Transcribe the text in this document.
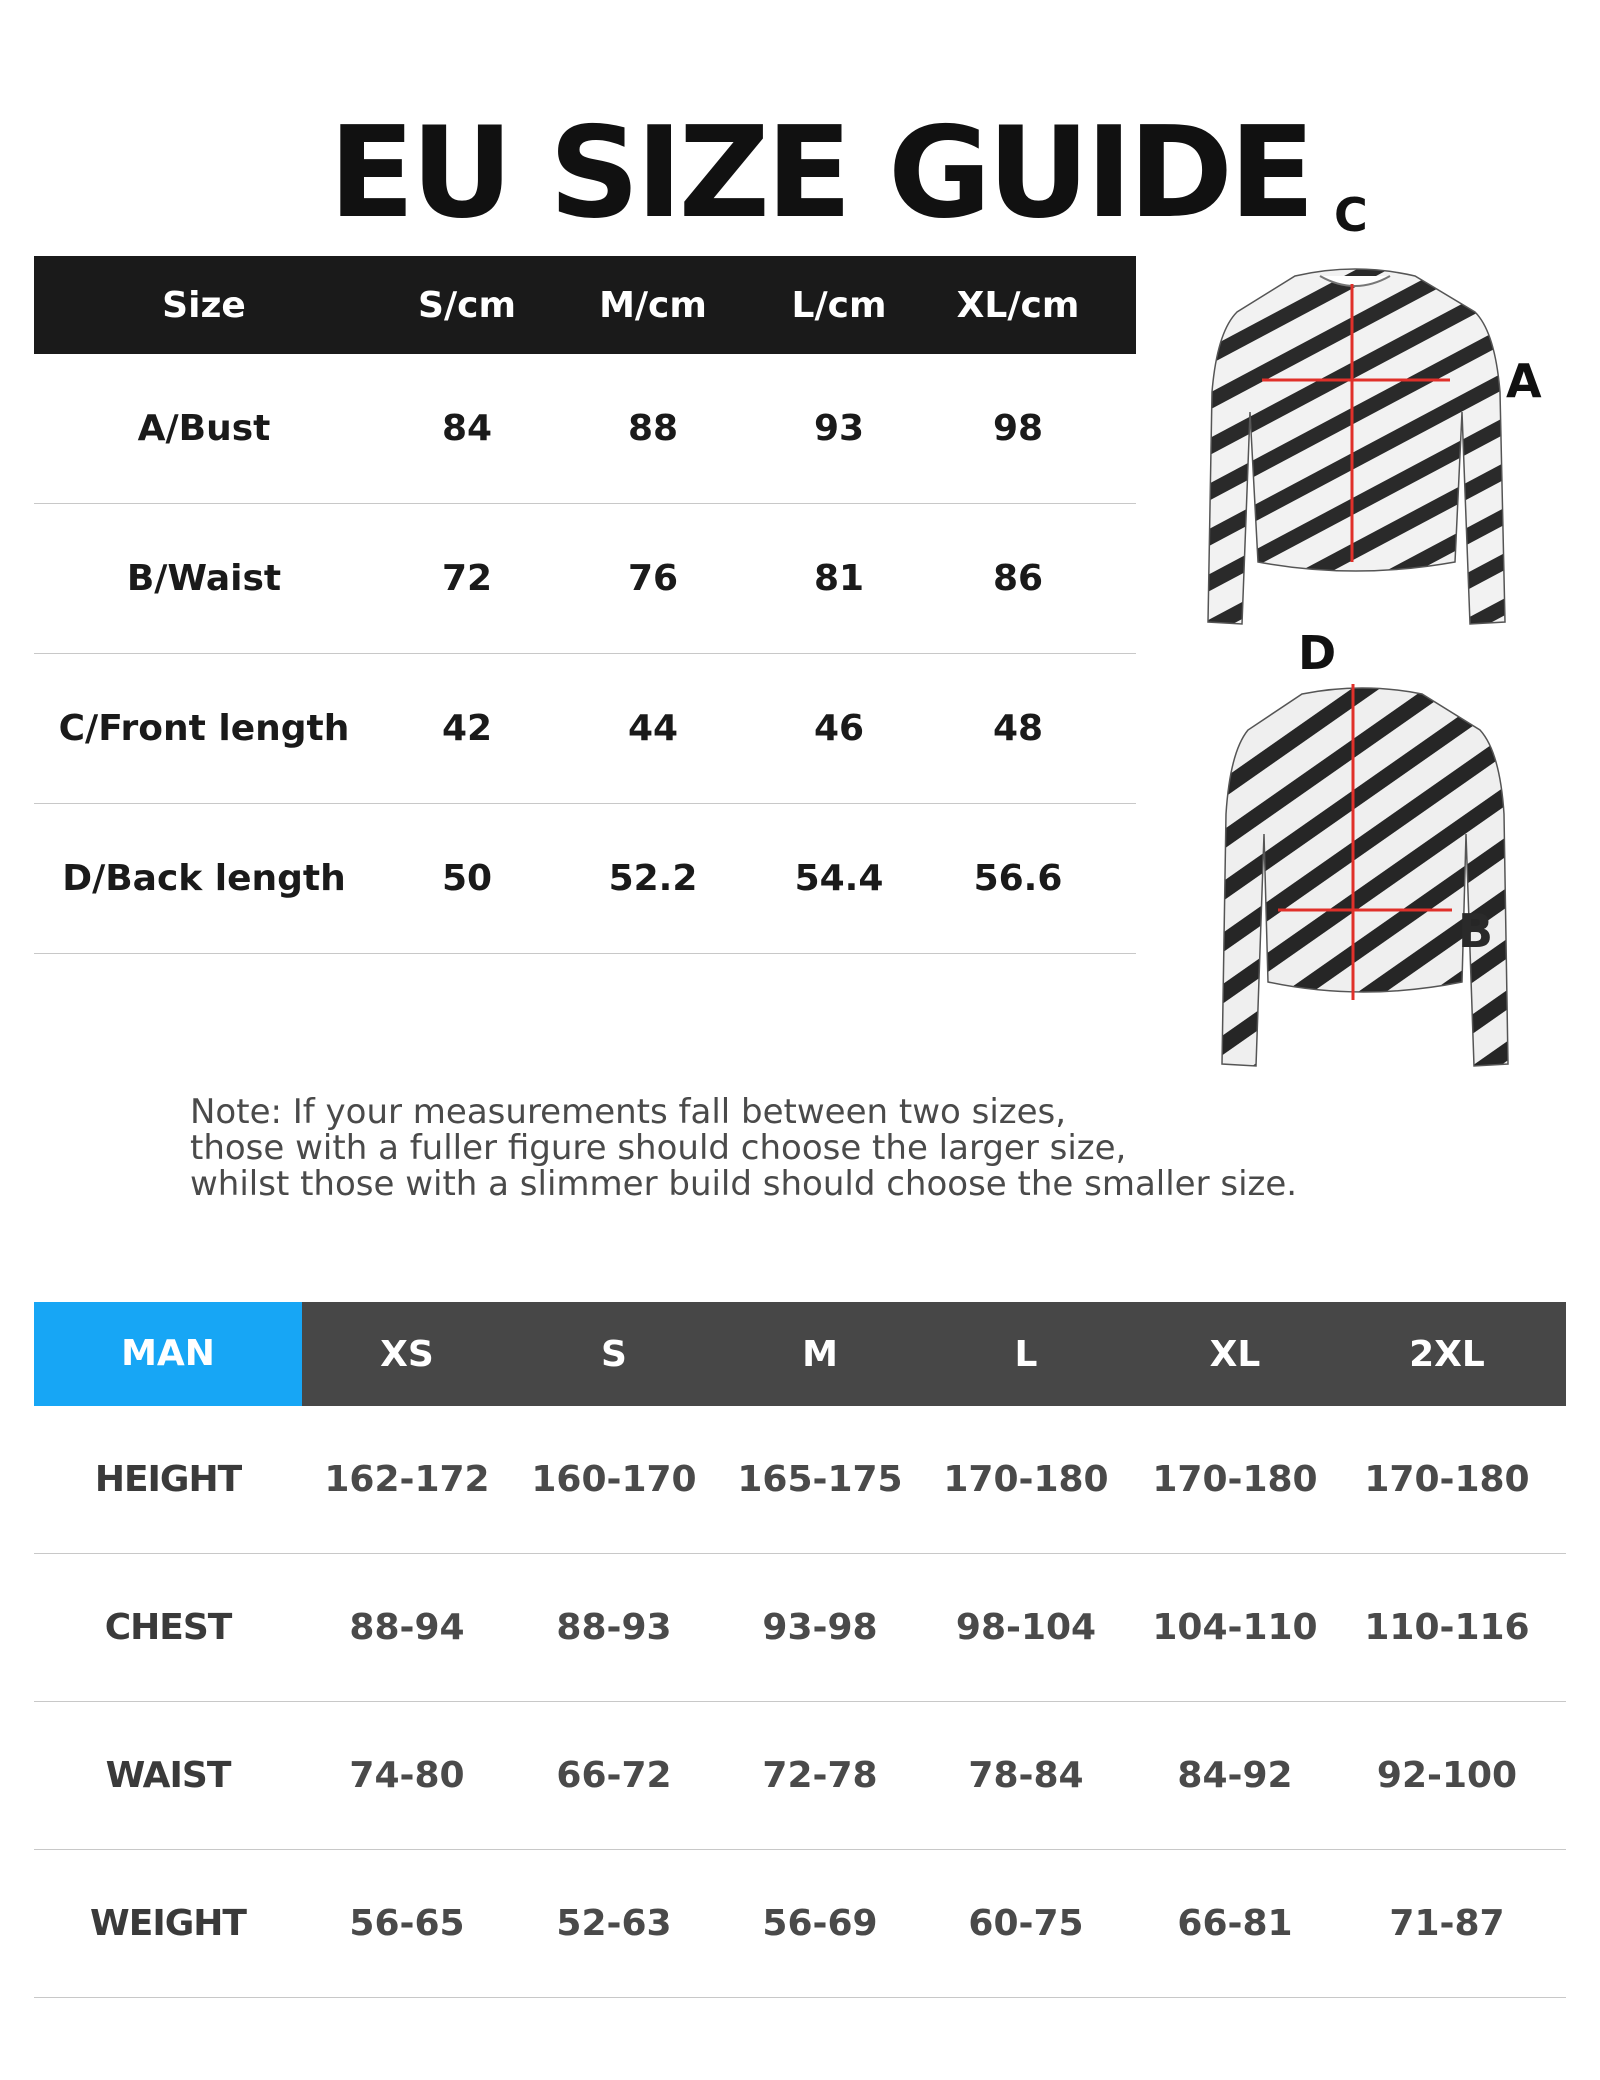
EU SIZE GUIDE
Size	S/cm	M/cm	L/cm	XL/cm
A/Bust	84	88	93	98
B/Waist	72	76	81	86
C/Front length	42	44	46	48
D/Back length	50	52.2	54.4	56.6
C
A
D
B
Note: If your measurements fall between two sizes,
those with a fuller figure should choose the larger size,
whilst those with a slimmer build should choose the smaller size.
MAN	XS	S	M	L	XL	2XL
HEIGHT	162-172	160-170	165-175	170-180	170-180	170-180
CHEST	88-94	88-93	93-98	98-104	104-110	110-116
WAIST	74-80	66-72	72-78	78-84	84-92	92-100
WEIGHT	56-65	52-63	56-69	60-75	66-81	71-87
